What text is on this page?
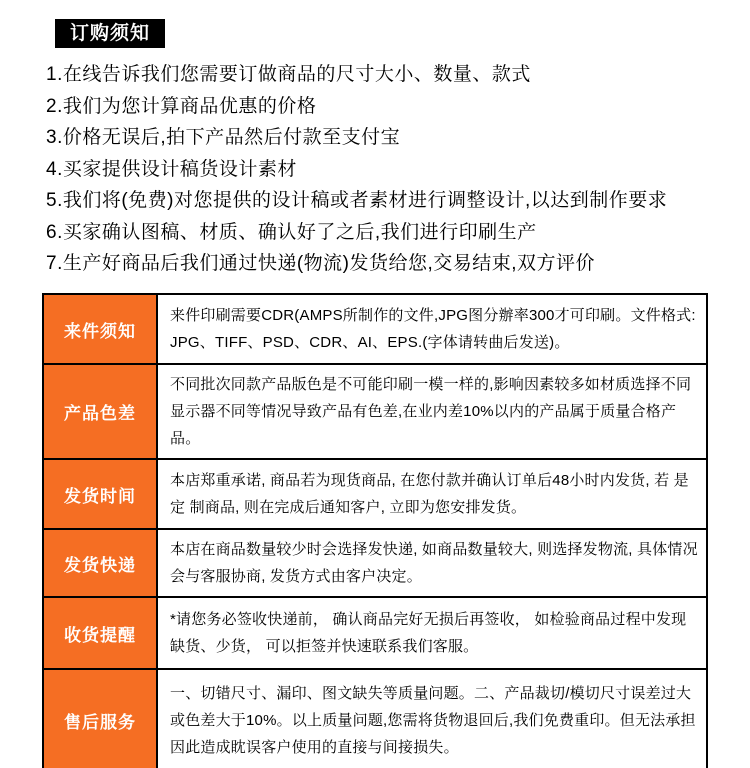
订购须知
1.在线告诉我们您需要订做商品的尺寸大小、数量、款式
2.我们为您计算商品优惠的价格
3.价格无误后,拍下产品然后付款至支付宝
4.买家提供设计稿货设计素材
5.我们将(免费)对您提供的设计稿或者素材进行调整设计,以达到制作要求
6.买家确认图稿、材质、确认好了之后,我们进行印刷生产
7.生产好商品后我们通过快递(物流)发货给您,交易结束,双方评价
来件须知	来件印刷需要CDR(AMPS所制作的文件,JPG图分辦率300才可印刷。文件格式: JPG、TIFF、PSD、CDR、AI、EPS.(字体请转曲后发送)。
产品色差	不同批次同款产品版色是不可能印刷一模一样的,影响因素较多如材质选择不同显示器不同等情况导致产品有色差,在业内差10%以内的产品属于质量合格产品。
发货时间	本店郑重承诺, 商品若为现货商品, 在您付款并确认订单后48小时内发货, 若 是定 制商品, 则在完成后通知客户, 立即为您安排发货。
发货快递	本店在商品数量较少时会选择发快递, 如商品数量较大, 则选择发物流, 具体情况会与客服协商, 发货方式由客户决定。
收货提醒	*请您务必签收快递前， 确认商品完好无损后再签收， 如检验商品过程中发现缺货、少货， 可以拒签并快速联系我们客服。
售后服务	一、切错尺寸、漏印、图文缺失等质量问题。二、产品裁切/模切尺寸误差过大或色差大于10%。以上质量问题,您需将货物退回后,我们免费重印。但无法承担因此造成眈误客户使用的直接与间接损失。
